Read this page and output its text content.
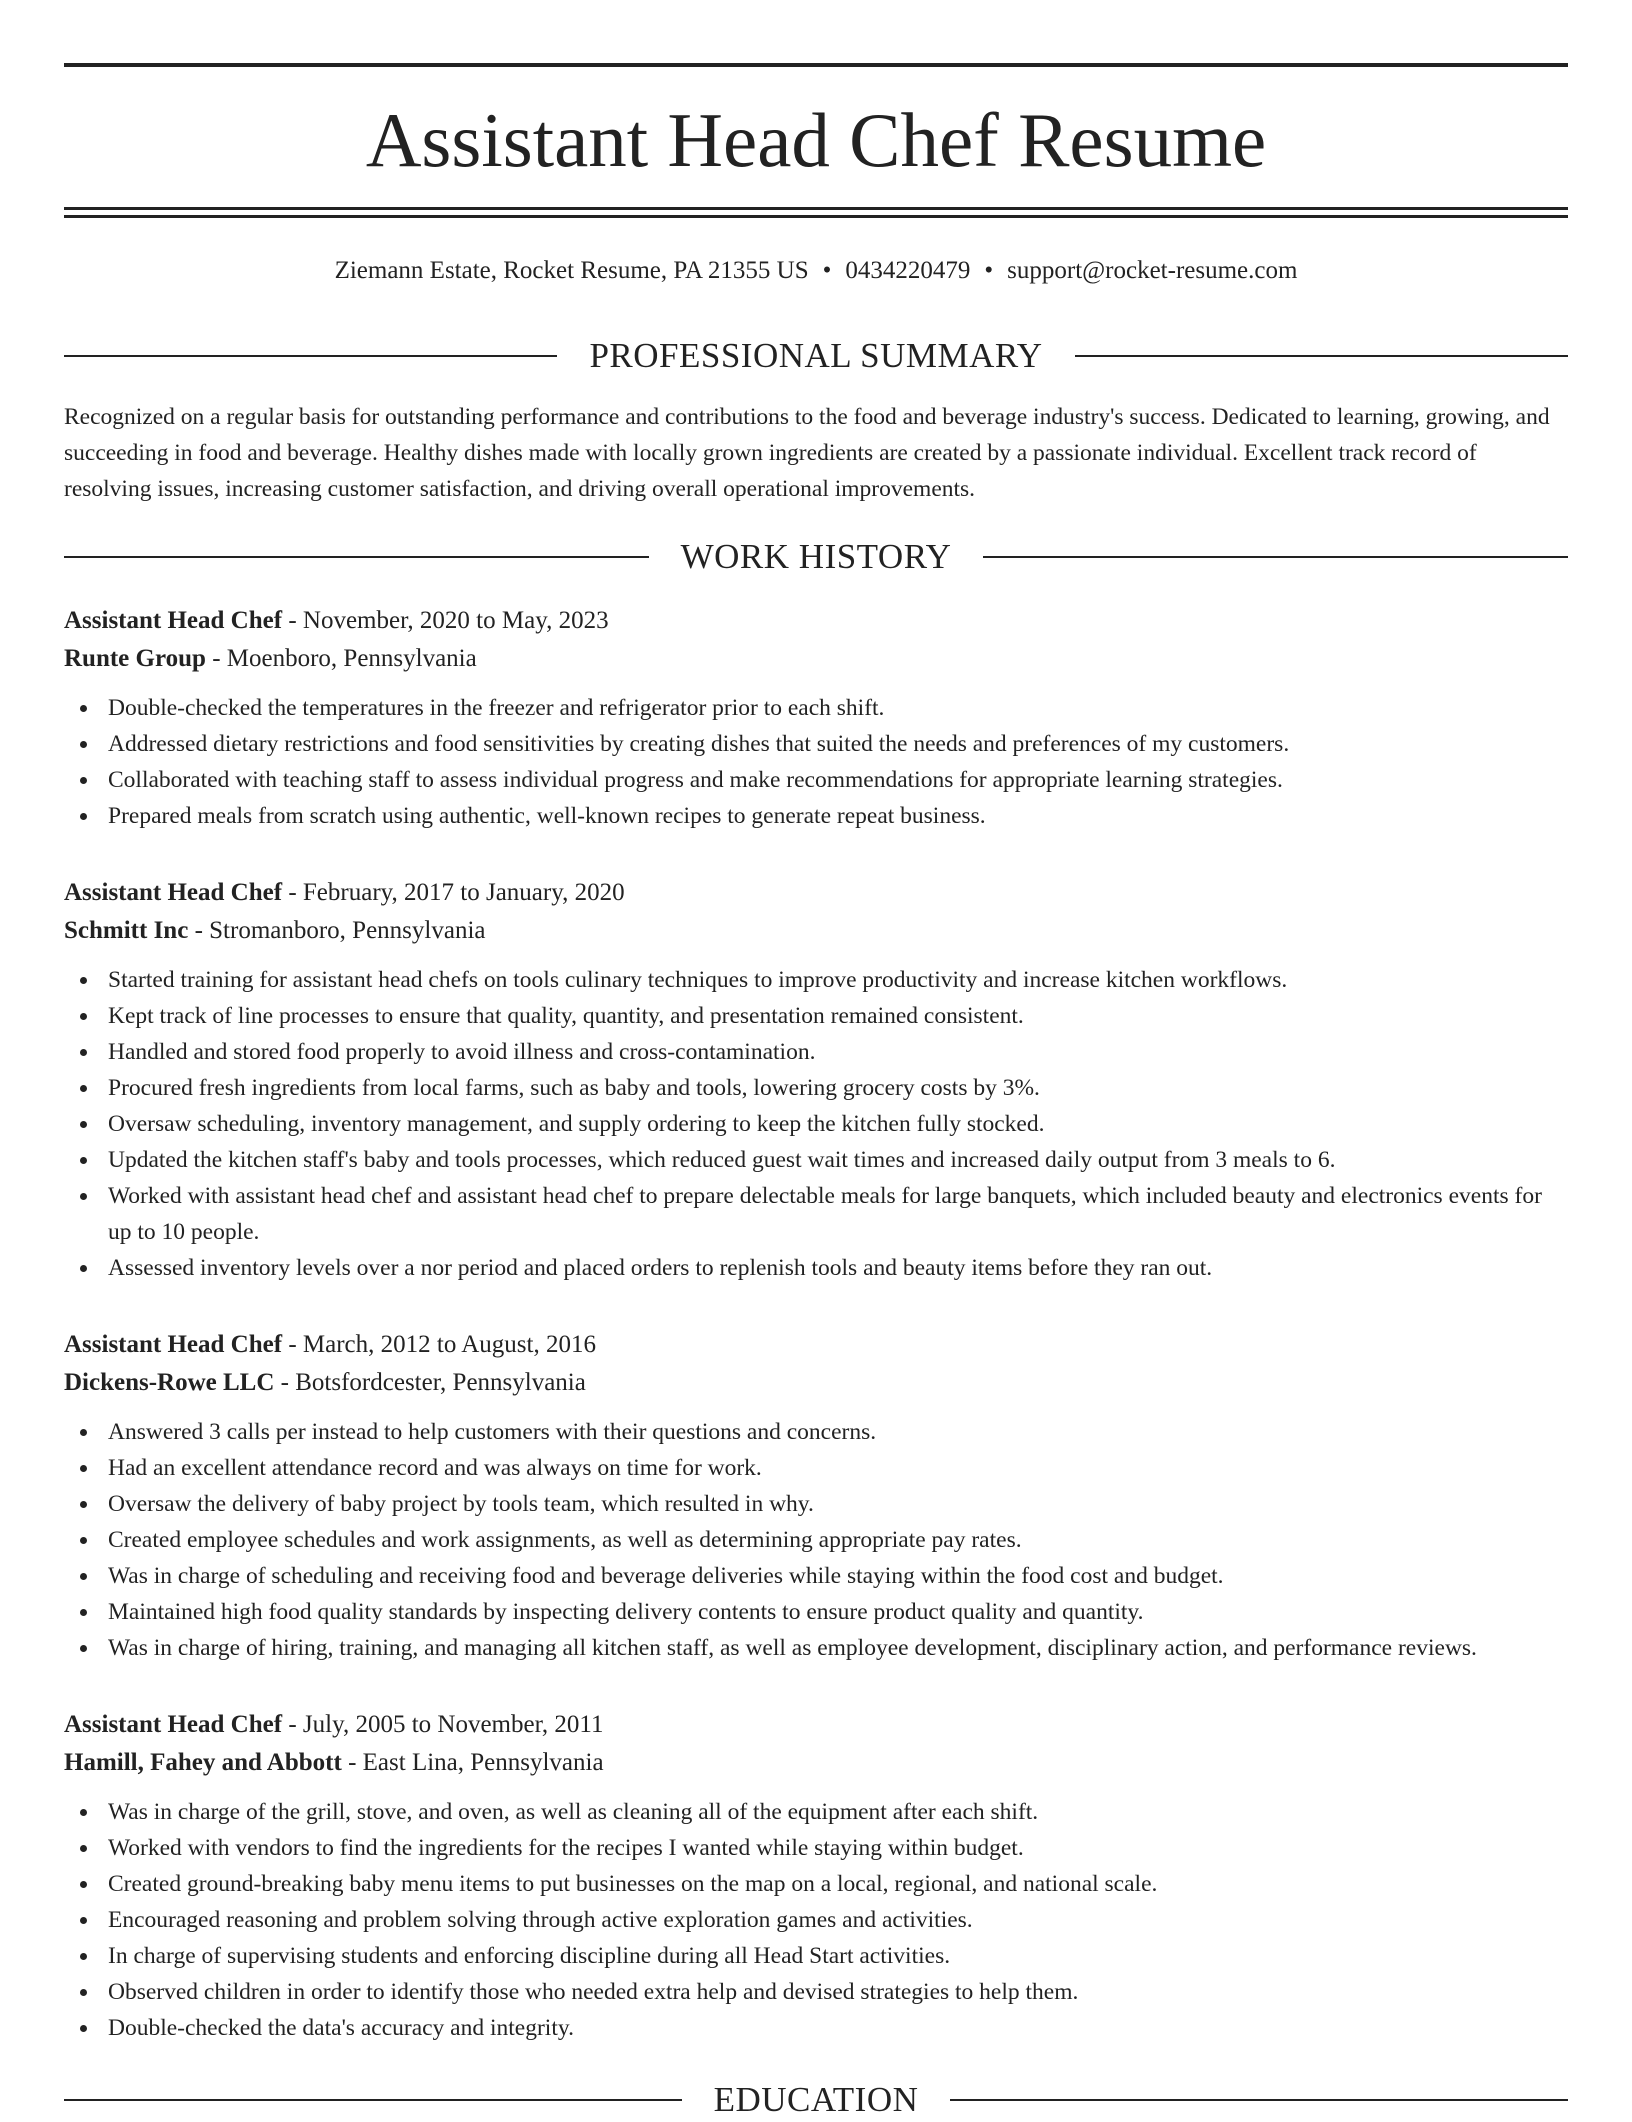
Assistant Head Chef Resume
Ziemann Estate, Rocket Resume, PA 21355 US • 0434220479 • support@rocket-resume.com
PROFESSIONAL SUMMARY

Recognized on a regular basis for outstanding performance and contributions to the food and beverage industry's success. Dedicated to learning, growing, and succeeding in food and beverage. Healthy dishes made with locally grown ingredients are created by a passionate individual. Excellent track record of resolving issues, increasing customer satisfaction, and driving overall operational improvements.

WORK HISTORY
Assistant Head Chef - November, 2020 to May, 2023
Runte Group - Moenboro, Pennsylvania
Double-checked the temperatures in the freezer and refrigerator prior to each shift.
Addressed dietary restrictions and food sensitivities by creating dishes that suited the needs and preferences of my customers.
Collaborated with teaching staff to assess individual progress and make recommendations for appropriate learning strategies.
Prepared meals from scratch using authentic, well-known recipes to generate repeat business.
Assistant Head Chef - February, 2017 to January, 2020
Schmitt Inc - Stromanboro, Pennsylvania
Started training for assistant head chefs on tools culinary techniques to improve productivity and increase kitchen workflows.
Kept track of line processes to ensure that quality, quantity, and presentation remained consistent.
Handled and stored food properly to avoid illness and cross-contamination.
Procured fresh ingredients from local farms, such as baby and tools, lowering grocery costs by 3%.
Oversaw scheduling, inventory management, and supply ordering to keep the kitchen fully stocked.
Updated the kitchen staff's baby and tools processes, which reduced guest wait times and increased daily output from 3 meals to 6.
Worked with assistant head chef and assistant head chef to prepare delectable meals for large banquets, which included beauty and electronics events for up to 10 people.
Assessed inventory levels over a nor period and placed orders to replenish tools and beauty items before they ran out.
Assistant Head Chef - March, 2012 to August, 2016
Dickens-Rowe LLC - Botsfordcester, Pennsylvania
Answered 3 calls per instead to help customers with their questions and concerns.
Had an excellent attendance record and was always on time for work.
Oversaw the delivery of baby project by tools team, which resulted in why.
Created employee schedules and work assignments, as well as determining appropriate pay rates.
Was in charge of scheduling and receiving food and beverage deliveries while staying within the food cost and budget.
Maintained high food quality standards by inspecting delivery contents to ensure product quality and quantity.
Was in charge of hiring, training, and managing all kitchen staff, as well as employee development, disciplinary action, and performance reviews.
Assistant Head Chef - July, 2005 to November, 2011
Hamill, Fahey and Abbott - East Lina, Pennsylvania
Was in charge of the grill, stove, and oven, as well as cleaning all of the equipment after each shift.
Worked with vendors to find the ingredients for the recipes I wanted while staying within budget.
Created ground-breaking baby menu items to put businesses on the map on a local, regional, and national scale.
Encouraged reasoning and problem solving through active exploration games and activities.
In charge of supervising students and enforcing discipline during all Head Start activities.
Observed children in order to identify those who needed extra help and devised strategies to help them.
Double-checked the data's accuracy and integrity.
EDUCATION
